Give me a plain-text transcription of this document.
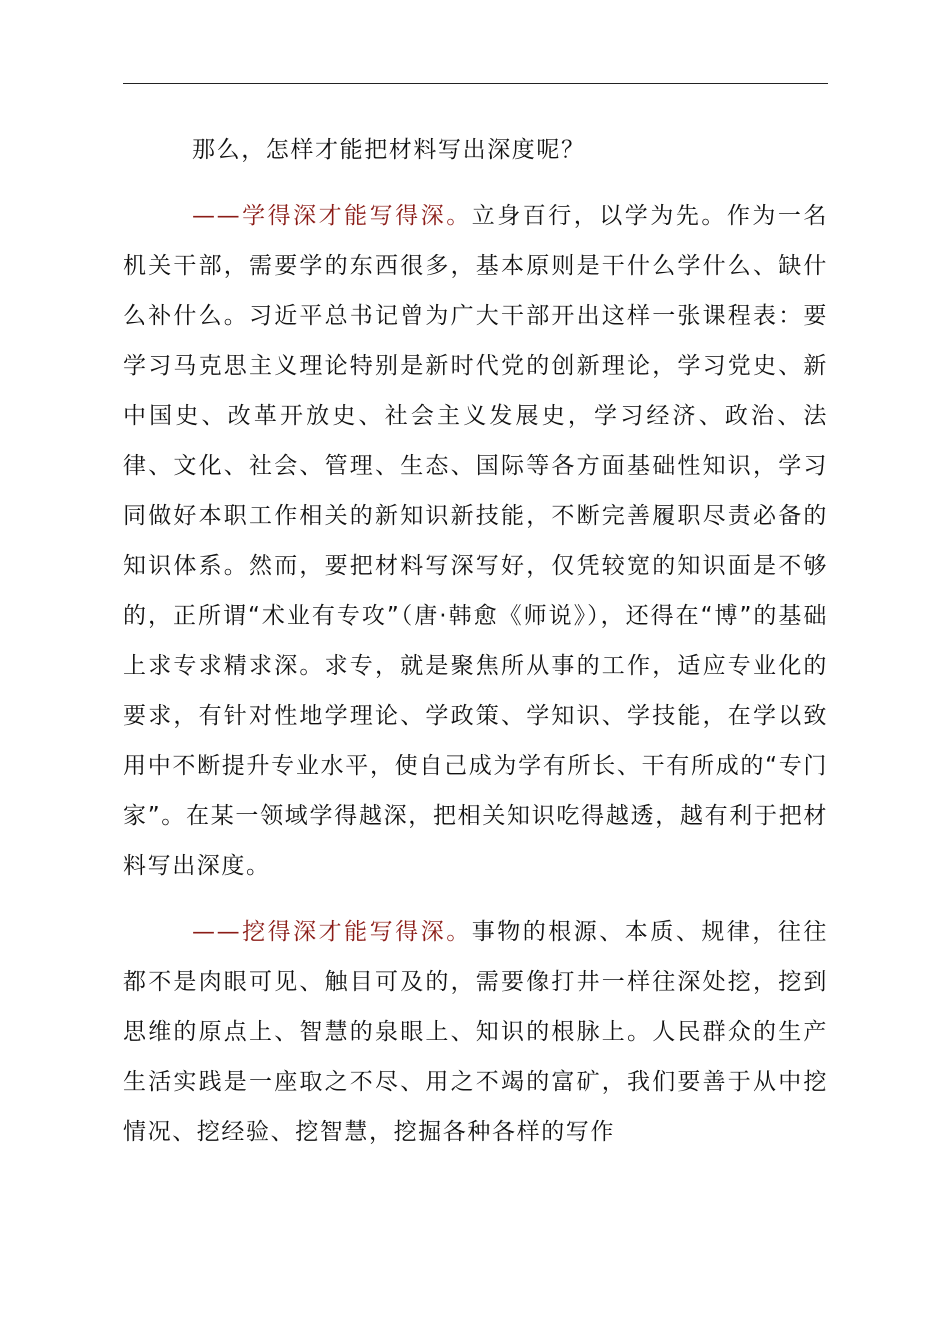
那么，怎样才能把材料写出深度呢？

——学得深才能写得深。立身百行，以学为先。作为一名机关干部，需要学的东西很多，基本原则是干什么学什么、缺什么补什么。习近平总书记曾为广大干部开出这样一张课程表：要学习马克思主义理论特别是新时代党的创新理论，学习党史、新中国史、改革开放史、社会主义发展史，学习经济、政治、法律、文化、社会、管理、生态、国际等各方面基础性知识，学习同做好本职工作相关的新知识新技能，不断完善履职尽责必备的知识体系。然而，要把材料写深写好，仅凭较宽的知识面是不够的，正所谓“术业有专攻”（唐·韩愈《师说》），还得在“博”的基础上求专求精求深。求专，就是聚焦所从事的工作，适应专业化的要求，有针对性地学理论、学政策、学知识、学技能，在学以致用中不断提升专业水平，使自己成为学有所长、干有所成的“专门家”。在某一领域学得越深，把相关知识吃得越透，越有利于把材料写出深度。

——挖得深才能写得深。事物的根源、本质、规律，往往都不是肉眼可见、触目可及的，需要像打井一样往深处挖，挖到思维的原点上、智慧的泉眼上、知识的根脉上。人民群众的生产生活实践是一座取之不尽、用之不竭的富矿，我们要善于从中挖情况、挖经验、挖智慧，挖掘各种各样的写作
